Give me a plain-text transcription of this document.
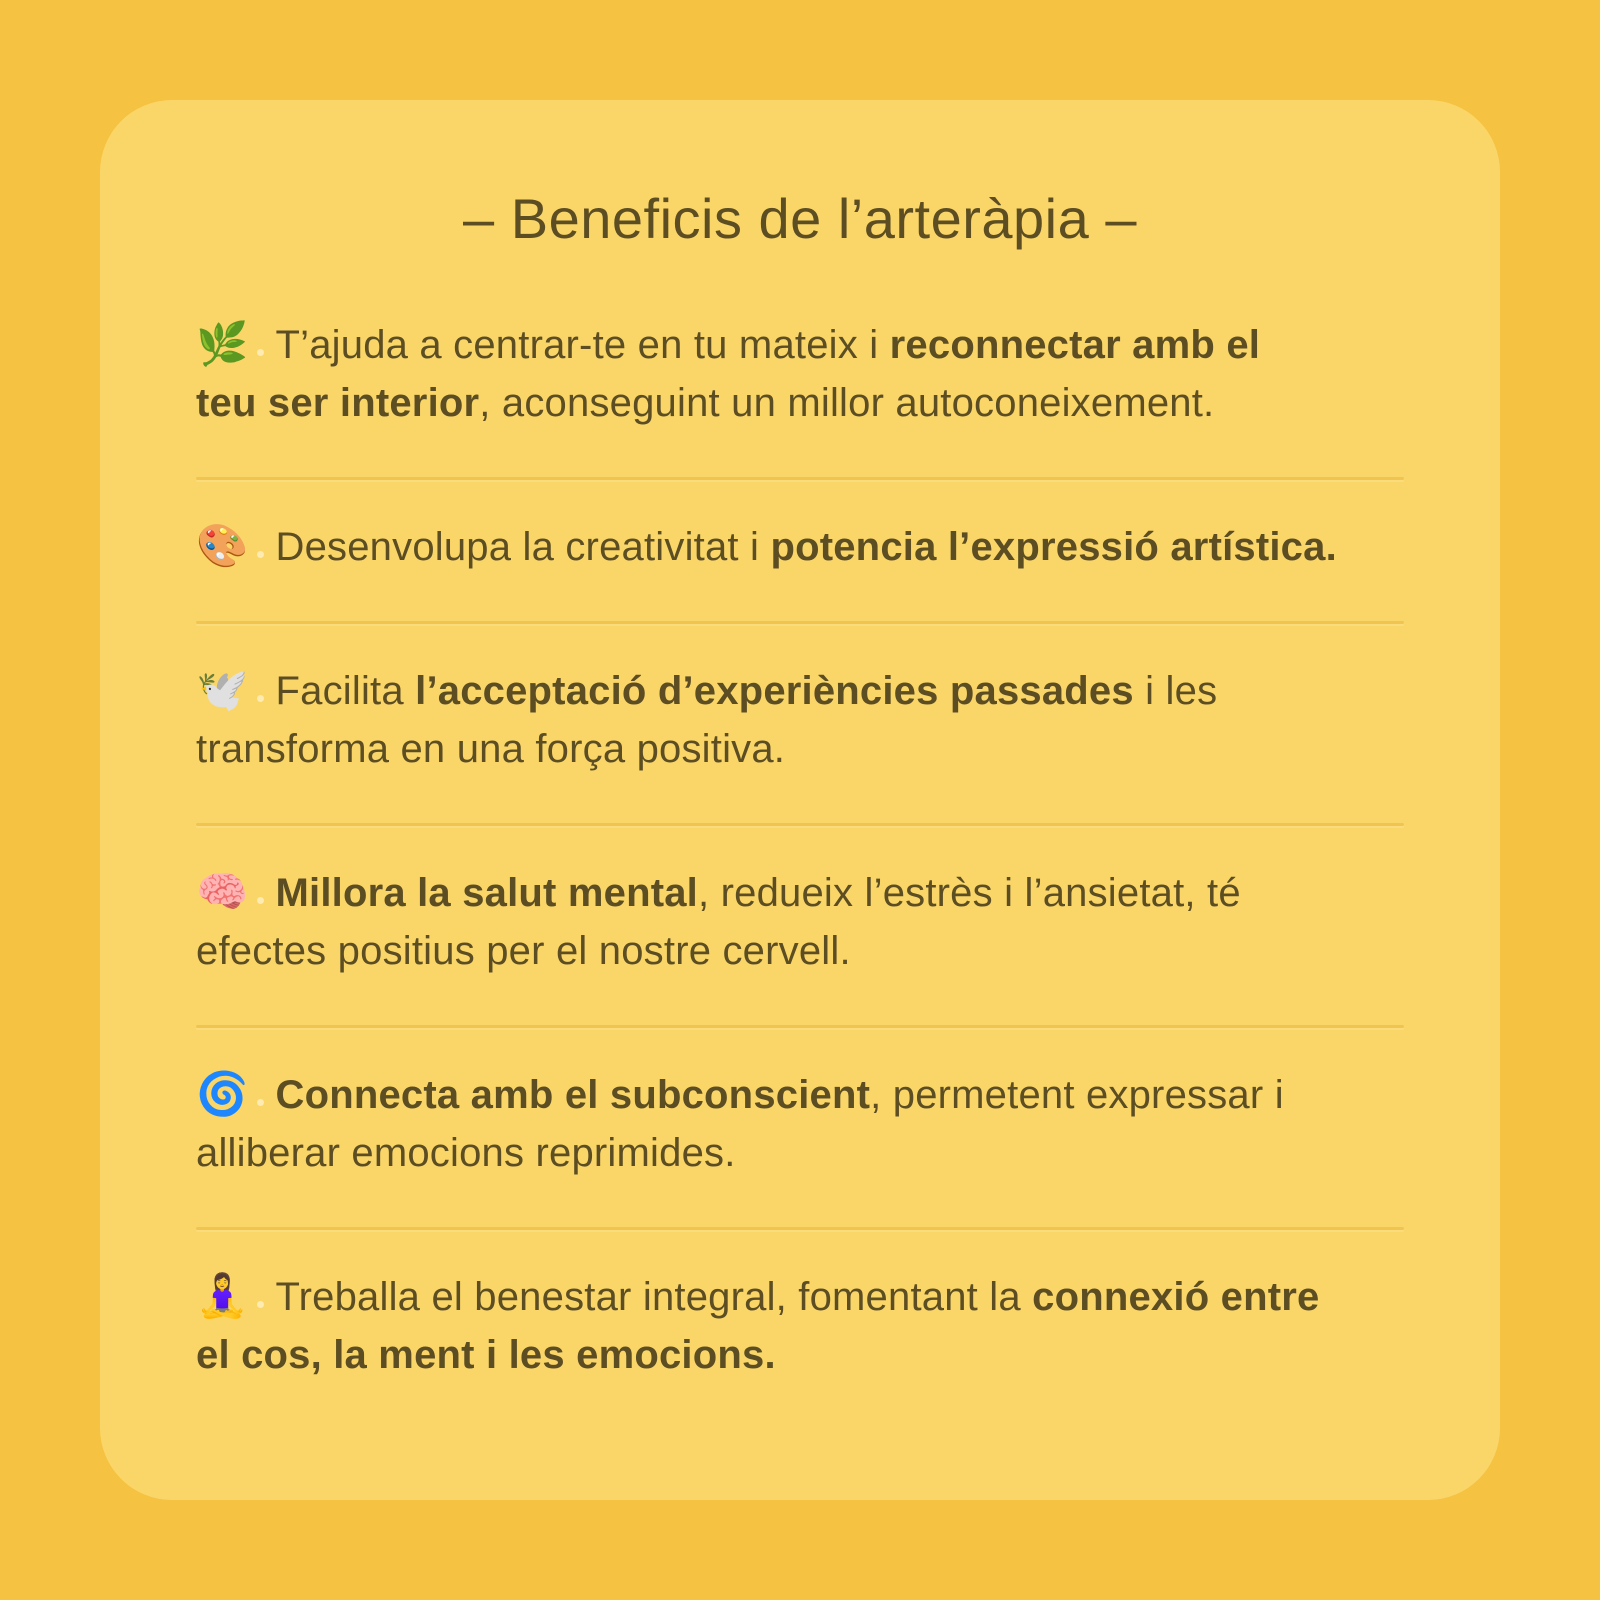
– Beneficis de l’arteràpia –
🌿 T’ajuda a centrar-te en tu mateix i reconnectar amb el
teu ser interior, aconseguint un millor autoconeixement.
🎨 Desenvolupa la creativitat i potencia l’expressió artística.
🕊️ Facilita l’acceptació d’experiències passades i les
transforma en una força positiva.
🧠 Millora la salut mental, redueix l’estrès i l’ansietat, té
efectes positius per el nostre cervell.
🌀 Connecta amb el subconscient, permetent expressar i
alliberar emocions reprimides.
🧘‍♀️ Treballa el benestar integral, fomentant la connexió entre
el cos, la ment i les emocions.
